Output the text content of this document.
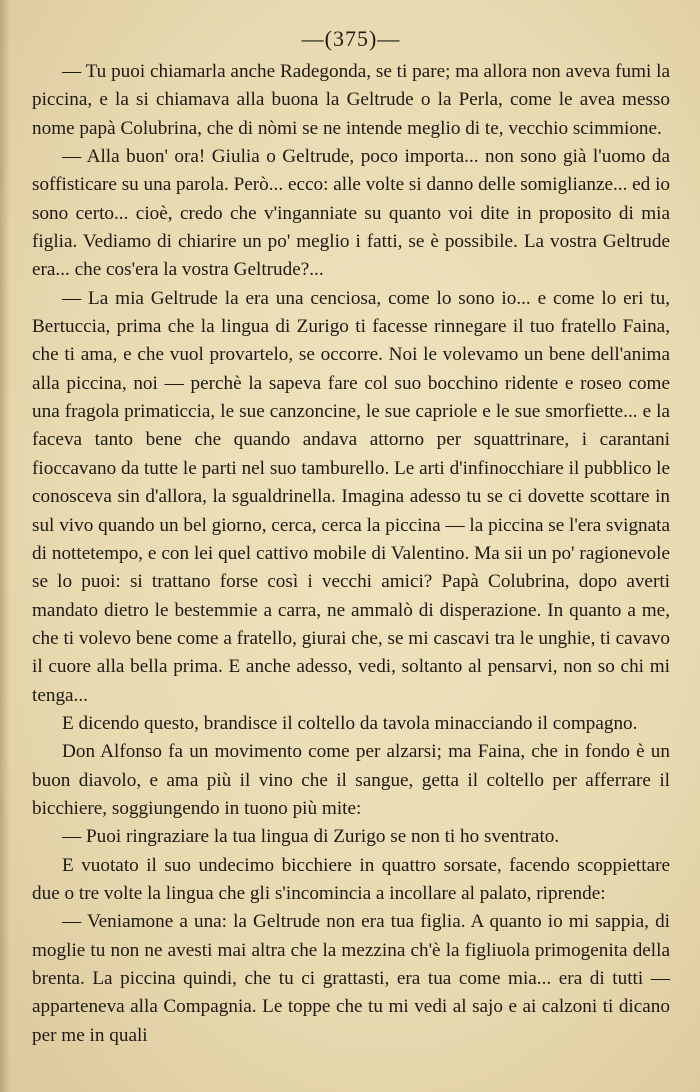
—(375)—

— Tu puoi chiamarla anche Radegonda, se ti pare; ma allora non aveva fumi la piccina, e la si chiamava alla buona la Geltrude o la Perla, come le avea messo nome papà Colubrina, che di nòmi se ne intende meglio di te, vecchio scimmione.

— Alla buon' ora! Giulia o Geltrude, poco importa... non sono già l'uomo da soffisticare su una parola. Però... ecco: alle volte si danno delle somiglianze... ed io sono certo... cioè, credo che v'inganniate su quanto voi dite in proposito di mia figlia. Vediamo di chiarire un po' meglio i fatti, se è possibile. La vostra Geltrude era... che cos'era la vostra Geltrude?...

— La mia Geltrude la era una cenciosa, come lo sono io... e come lo eri tu, Bertuccia, prima che la lingua di Zurigo ti facesse rinnegare il tuo fratello Faina, che ti ama, e che vuol provartelo, se occorre. Noi le volevamo un bene dell'anima alla piccina, noi — perchè la sapeva fare col suo bocchino ridente e roseo come una fragola primaticcia, le sue canzoncine, le sue capriole e le sue smorfiette... e la faceva tanto bene che quando andava attorno per squattrinare, i carantani fioccavano da tutte le parti nel suo tamburello. Le arti d'infinocchiare il pubblico le conosceva sin d'allora, la sgualdrinella. Imagina adesso tu se ci dovette scottare in sul vivo quando un bel giorno, cerca, cerca la piccina — la piccina se l'era svignata di nottetempo, e con lei quel cattivo mobile di Valentino. Ma sii un po' ragionevole se lo puoi: si trattano forse così i vecchi amici? Papà Colubrina, dopo averti mandato dietro le bestemmie a carra, ne ammalò di disperazione. In quanto a me, che ti volevo bene come a fratello, giurai che, se mi cascavi tra le unghie, ti cavavo il cuore alla bella prima. E anche adesso, vedi, soltanto al pensarvi, non so chi mi tenga...

E dicendo questo, brandisce il coltello da tavola minacciando il compagno.

Don Alfonso fa un movimento come per alzarsi; ma Faina, che in fondo è un buon diavolo, e ama più il vino che il sangue, getta il coltello per afferrare il bicchiere, soggiungendo in tuono più mite:

— Puoi ringraziare la tua lingua di Zurigo se non ti ho sventrato.

E vuotato il suo undecimo bicchiere in quattro sorsate, facendo scoppiettare due o tre volte la lingua che gli s'incomincia a incollare al palato, riprende:

— Veniamone a una: la Geltrude non era tua figlia. A quanto io mi sappia, di moglie tu non ne avesti mai altra che la mezzina ch'è la figliuola primogenita della brenta. La piccina quindi, che tu ci grattasti, era tua come mia... era di tutti — apparteneva alla Compagnia. Le toppe che tu mi vedi al sajo e ai calzoni ti dicano per me in quali
